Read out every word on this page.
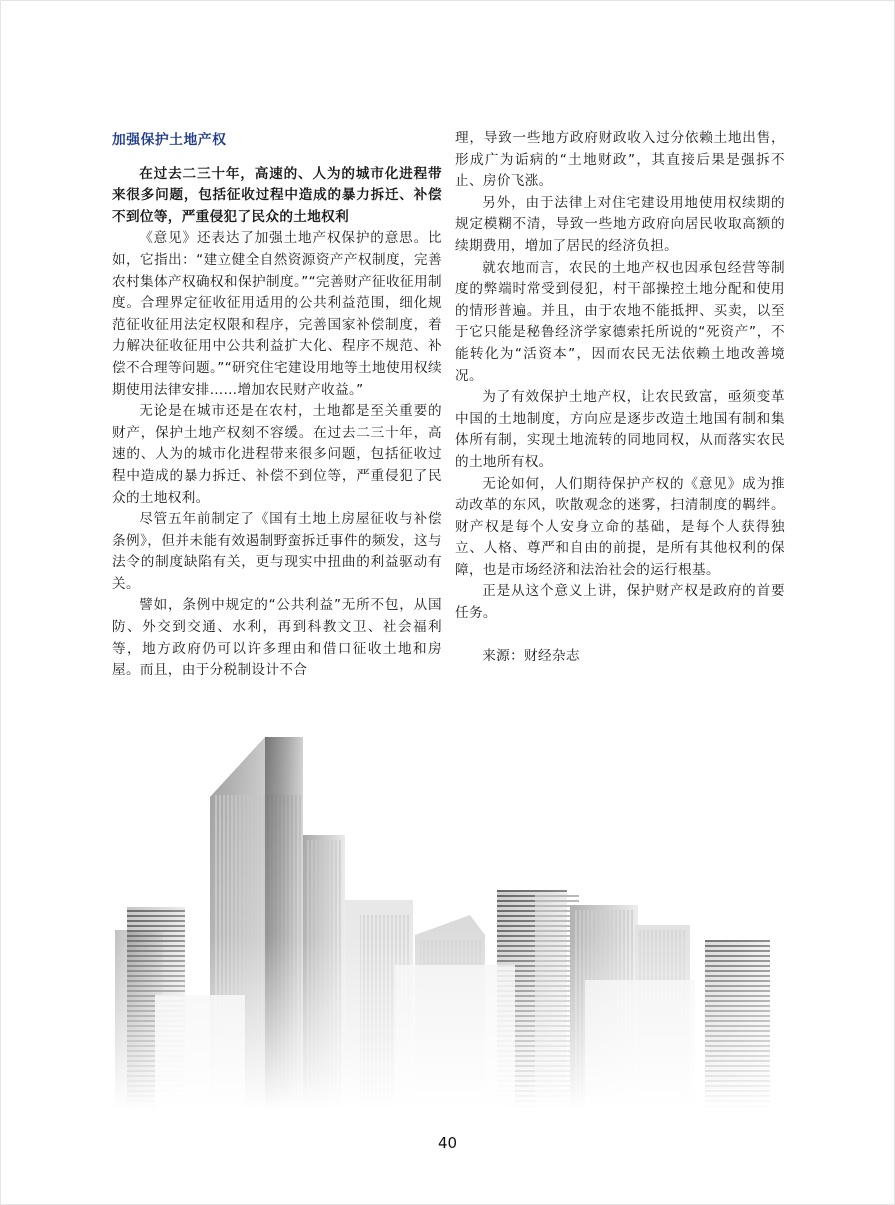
加强保护土地产权

在过去二三十年，高速的、人为的城市化进程带来很多问题，包括征收过程中造成的暴力拆迁、补偿不到位等，严重侵犯了民众的土地权利

《意见》还表达了加强土地产权保护的意思。比如，它指出：“建立健全自然资源资产产权制度，完善农村集体产权确权和保护制度。”“完善财产征收征用制度。合理界定征收征用适用的公共利益范围，细化规范征收征用法定权限和程序，完善国家补偿制度，着力解决征收征用中公共利益扩大化、程序不规范、补偿不合理等问题。”“研究住宅建设用地等土地使用权续期使用法律安排……增加农民财产收益。”

无论是在城市还是在农村，土地都是至关重要的财产，保护土地产权刻不容缓。在过去二三十年，高速的、人为的城市化进程带来很多问题，包括征收过程中造成的暴力拆迁、补偿不到位等，严重侵犯了民众的土地权利。

尽管五年前制定了《国有土地上房屋征收与补偿条例》，但并未能有效遏制野蛮拆迁事件的频发，这与法令的制度缺陷有关，更与现实中扭曲的利益驱动有关。

譬如，条例中规定的“公共利益”无所不包，从国防、外交到交通、水利，再到科教文卫、社会福利等，地方政府仍可以许多理由和借口征收土地和房屋。而且，由于分税制设计不合

理，导致一些地方政府财政收入过分依赖土地出售，形成广为诟病的“土地财政”，其直接后果是强拆不止、房价飞涨。

另外，由于法律上对住宅建设用地使用权续期的规定模糊不清，导致一些地方政府向居民收取高额的续期费用，增加了居民的经济负担。

就农地而言，农民的土地产权也因承包经营等制度的弊端时常受到侵犯，村干部操控土地分配和使用的情形普遍。并且，由于农地不能抵押、买卖，以至于它只能是秘鲁经济学家德索托所说的“死资产”，不能转化为“活资本”，因而农民无法依赖土地改善境况。

为了有效保护土地产权，让农民致富，亟须变革中国的土地制度，方向应是逐步改造土地国有制和集体所有制，实现土地流转的同地同权，从而落实农民的土地所有权。

无论如何，人们期待保护产权的《意见》成为推动改革的东风，吹散观念的迷雾，扫清制度的羁绊。财产权是每个人安身立命的基础，是每个人获得独立、人格、尊严和自由的前提，是所有其他权利的保障，也是市场经济和法治社会的运行根基。

正是从这个意义上讲，保护财产权是政府的首要任务。

来源：财经杂志

40
